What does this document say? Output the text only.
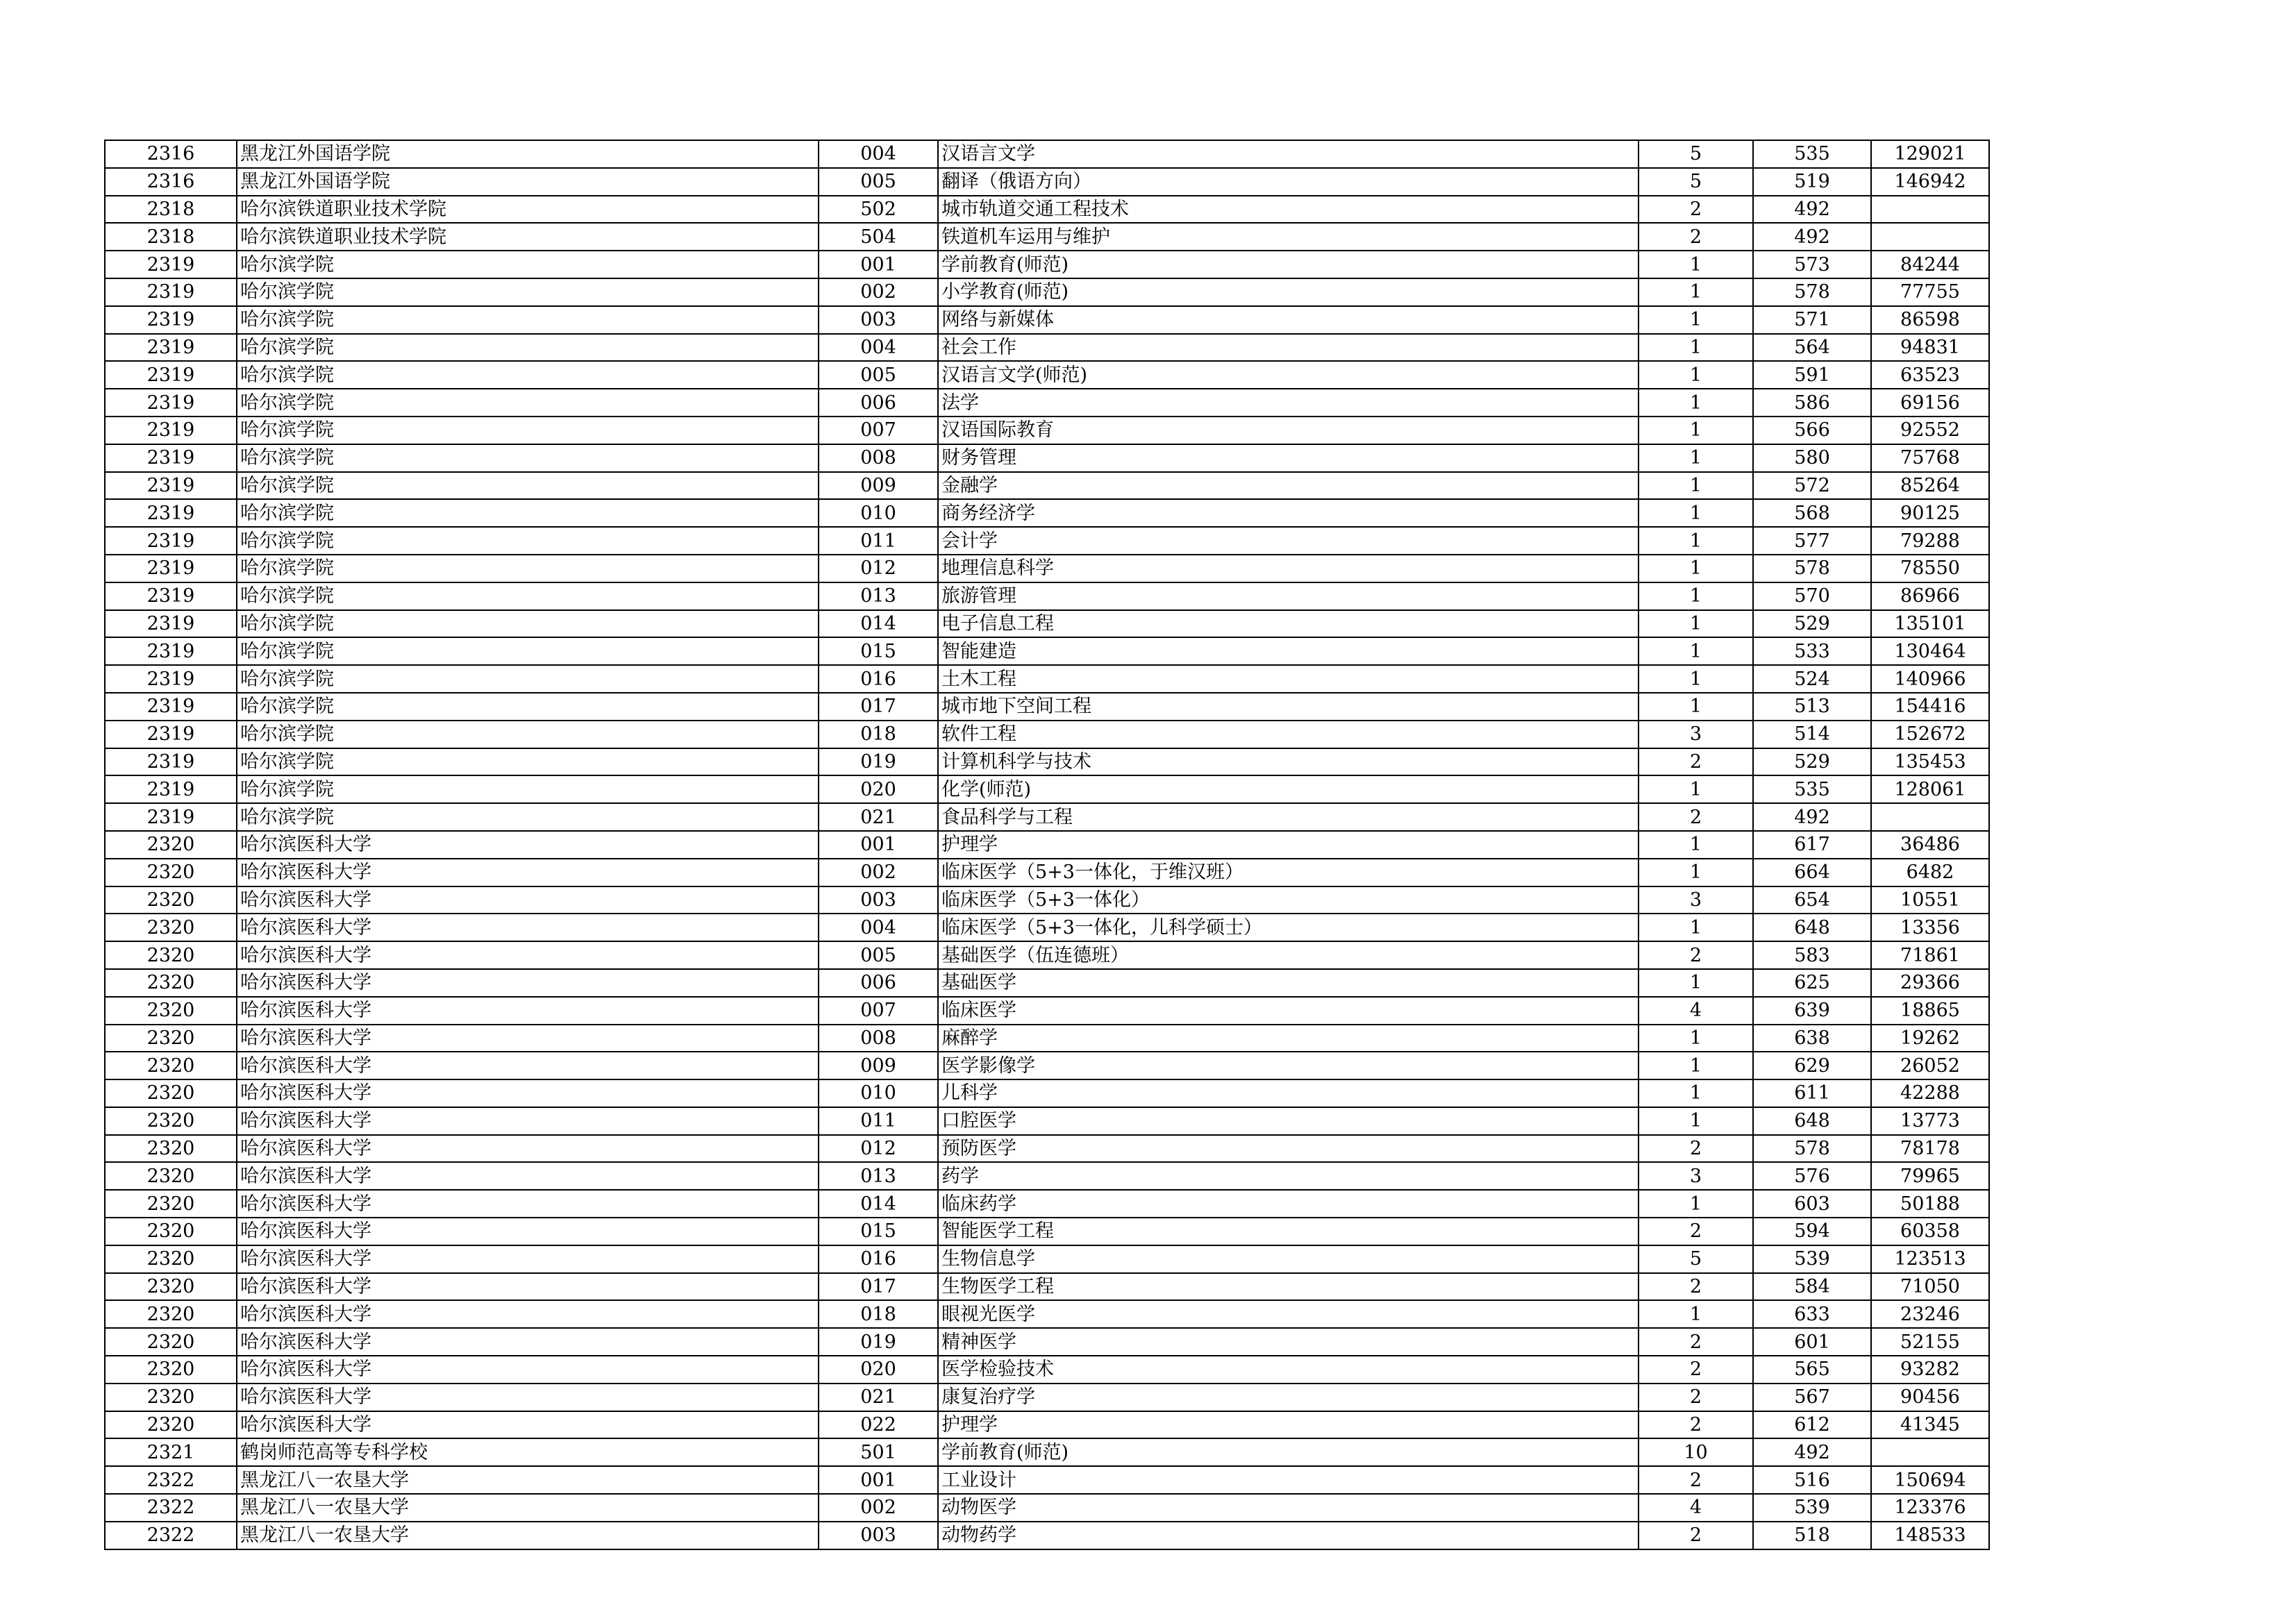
2316	黑龙江外国语学院	004	汉语言文学	5	535	129021
2316	黑龙江外国语学院	005	翻译（俄语方向）	5	519	146942
2318	哈尔滨铁道职业技术学院	502	城市轨道交通工程技术	2	492	
2318	哈尔滨铁道职业技术学院	504	铁道机车运用与维护	2	492	
2319	哈尔滨学院	001	学前教育(师范)	1	573	84244
2319	哈尔滨学院	002	小学教育(师范)	1	578	77755
2319	哈尔滨学院	003	网络与新媒体	1	571	86598
2319	哈尔滨学院	004	社会工作	1	564	94831
2319	哈尔滨学院	005	汉语言文学(师范)	1	591	63523
2319	哈尔滨学院	006	法学	1	586	69156
2319	哈尔滨学院	007	汉语国际教育	1	566	92552
2319	哈尔滨学院	008	财务管理	1	580	75768
2319	哈尔滨学院	009	金融学	1	572	85264
2319	哈尔滨学院	010	商务经济学	1	568	90125
2319	哈尔滨学院	011	会计学	1	577	79288
2319	哈尔滨学院	012	地理信息科学	1	578	78550
2319	哈尔滨学院	013	旅游管理	1	570	86966
2319	哈尔滨学院	014	电子信息工程	1	529	135101
2319	哈尔滨学院	015	智能建造	1	533	130464
2319	哈尔滨学院	016	土木工程	1	524	140966
2319	哈尔滨学院	017	城市地下空间工程	1	513	154416
2319	哈尔滨学院	018	软件工程	3	514	152672
2319	哈尔滨学院	019	计算机科学与技术	2	529	135453
2319	哈尔滨学院	020	化学(师范)	1	535	128061
2319	哈尔滨学院	021	食品科学与工程	2	492	
2320	哈尔滨医科大学	001	护理学	1	617	36486
2320	哈尔滨医科大学	002	临床医学（5+3一体化，于维汉班）	1	664	6482
2320	哈尔滨医科大学	003	临床医学（5+3一体化）	3	654	10551
2320	哈尔滨医科大学	004	临床医学（5+3一体化，儿科学硕士）	1	648	13356
2320	哈尔滨医科大学	005	基础医学（伍连德班）	2	583	71861
2320	哈尔滨医科大学	006	基础医学	1	625	29366
2320	哈尔滨医科大学	007	临床医学	4	639	18865
2320	哈尔滨医科大学	008	麻醉学	1	638	19262
2320	哈尔滨医科大学	009	医学影像学	1	629	26052
2320	哈尔滨医科大学	010	儿科学	1	611	42288
2320	哈尔滨医科大学	011	口腔医学	1	648	13773
2320	哈尔滨医科大学	012	预防医学	2	578	78178
2320	哈尔滨医科大学	013	药学	3	576	79965
2320	哈尔滨医科大学	014	临床药学	1	603	50188
2320	哈尔滨医科大学	015	智能医学工程	2	594	60358
2320	哈尔滨医科大学	016	生物信息学	5	539	123513
2320	哈尔滨医科大学	017	生物医学工程	2	584	71050
2320	哈尔滨医科大学	018	眼视光医学	1	633	23246
2320	哈尔滨医科大学	019	精神医学	2	601	52155
2320	哈尔滨医科大学	020	医学检验技术	2	565	93282
2320	哈尔滨医科大学	021	康复治疗学	2	567	90456
2320	哈尔滨医科大学	022	护理学	2	612	41345
2321	鹤岗师范高等专科学校	501	学前教育(师范)	10	492	
2322	黑龙江八一农垦大学	001	工业设计	2	516	150694
2322	黑龙江八一农垦大学	002	动物医学	4	539	123376
2322	黑龙江八一农垦大学	003	动物药学	2	518	148533
